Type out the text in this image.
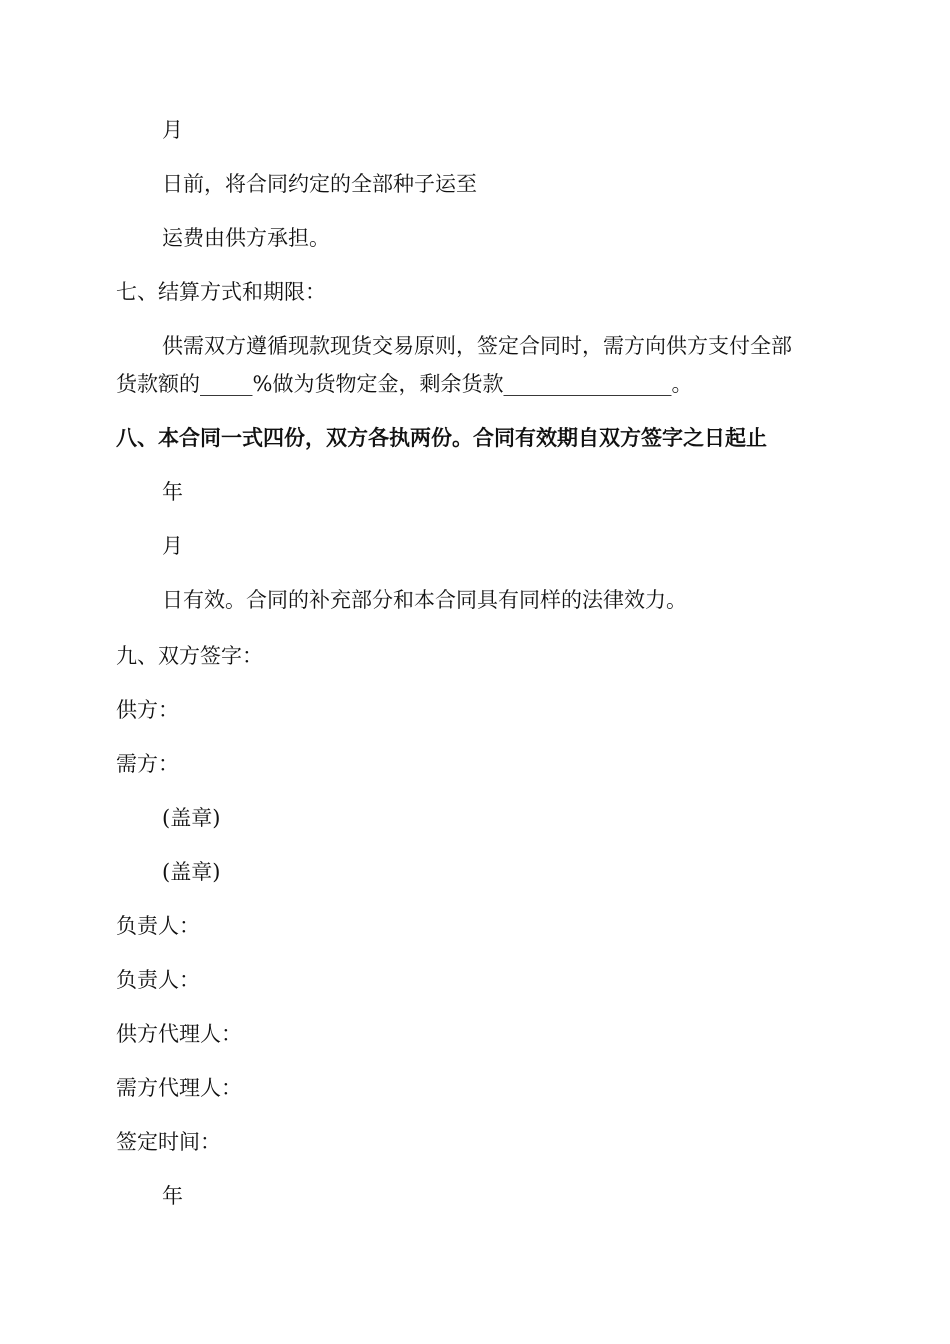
月
日前，将合同约定的全部种子运至
运费由供方承担。
七、结算方式和期限：
供需双方遵循现款现货交易原则，签定合同时，需方向供方支付全部
货款额的_____%做为货物定金，剩余货款________________。
八、本合同一式四份，双方各执两份。合同有效期自双方签字之日起止
年
月
日有效。合同的补充部分和本合同具有同样的法律效力。
九、双方签字：
供方：
需方：
(盖章)
(盖章)
负责人：
负责人：
供方代理人：
需方代理人：
签定时间：
年
